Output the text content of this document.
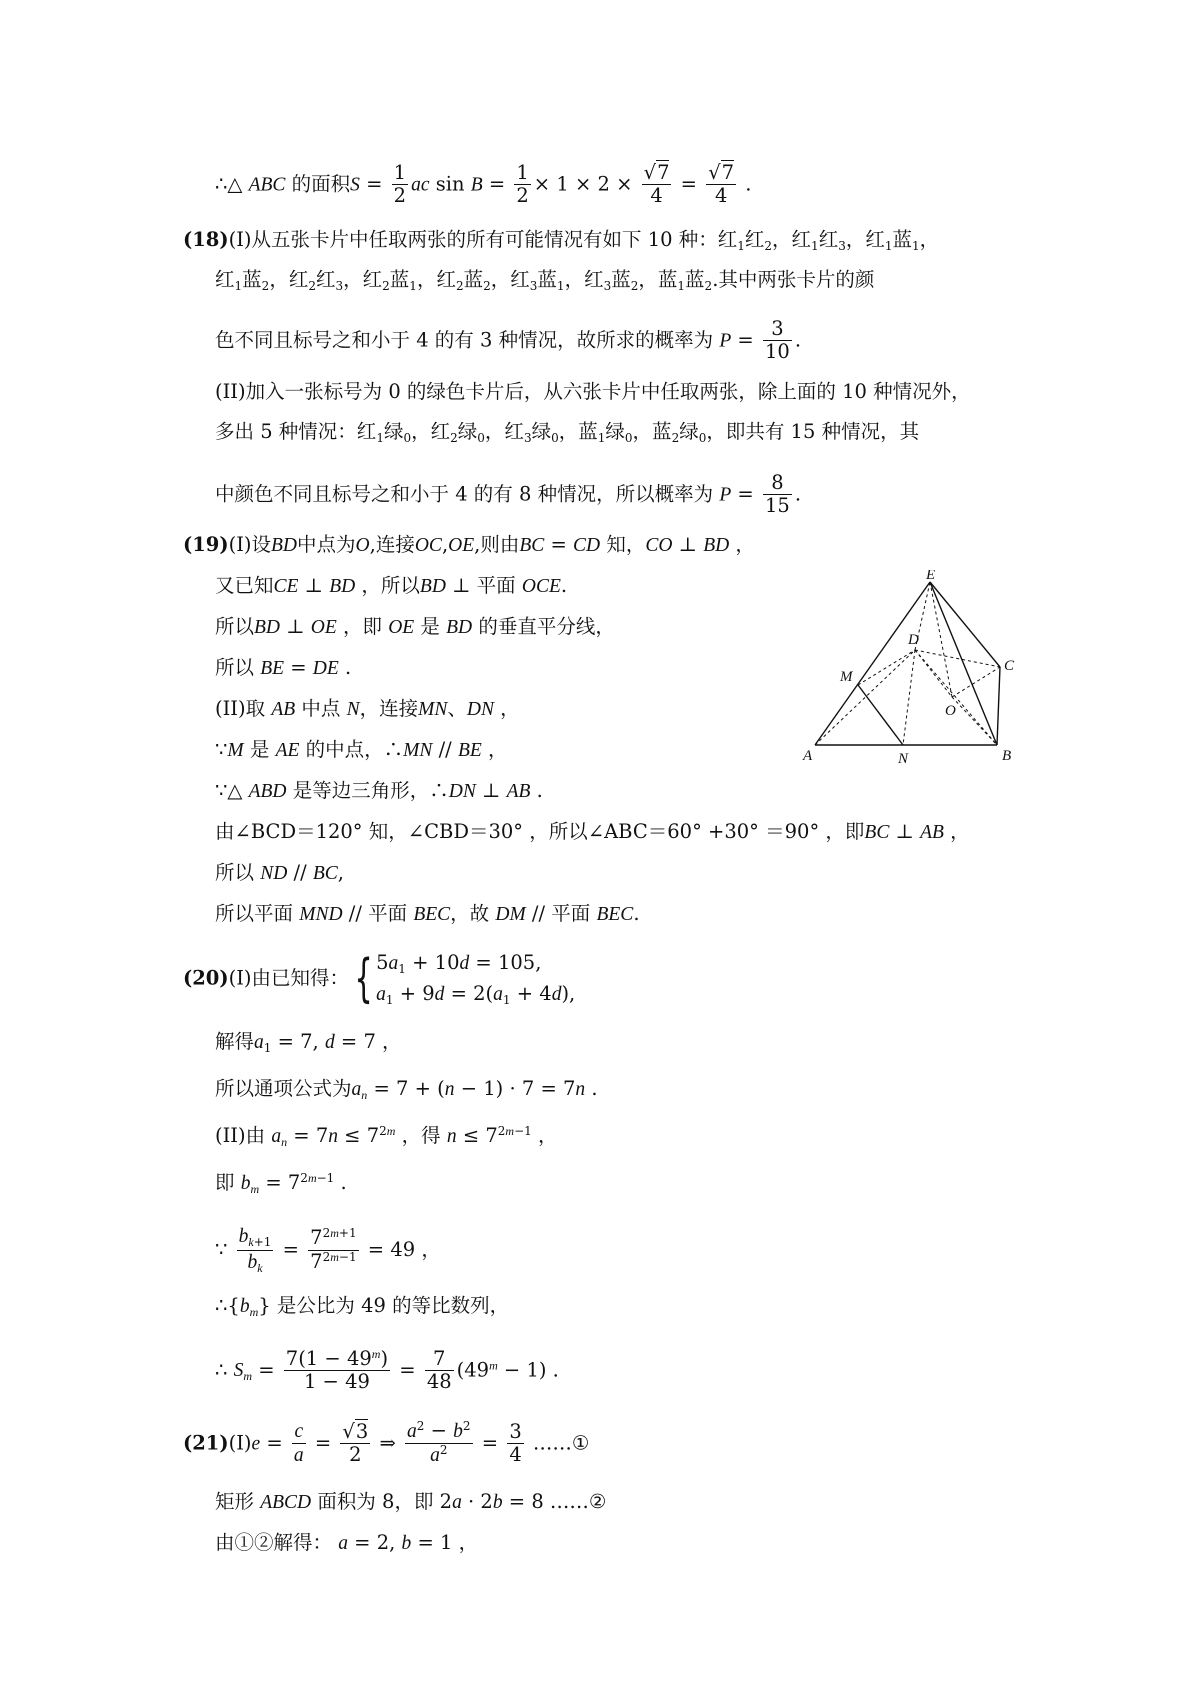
∴△ ABC 的面积$S = \frac{1}{2}$ ac $\sin B = \frac{1}{2} \times 1 \times 2 \times \frac{√7}{4} = \frac{√7}{4}$ .
(18)(I)从五张卡片中任取两张的所有可能情况有如下 10 种：红$_1$红$_2$，红$_1$红$_3$，红$_1$蓝$_1$，
红$_1$蓝$_2$，红$_2$红$_3$，红$_2$蓝$_1$，红$_2$蓝$_2$，红$_3$蓝$_1$，红$_3$蓝$_2$，蓝$_1$蓝$_2$.其中两张卡片的颜
色不同且标号之和小于 4 的有 3 种情况，故所求的概率为 $P = \frac{3}{10}$ .
(II)加入一张标号为 0 的绿色卡片后，从六张卡片中任取两张，除上面的 10 种情况外，
多出 5 种情况：红$_1$绿$_0$，红$_2$绿$_0$，红$_3$绿$_0$，蓝$_1$绿$_0$，蓝$_2$绿$_0$，即共有 15 种情况，其
中颜色不同且标号之和小于 4 的有 8 种情况，所以概率为 $P = \frac{8}{15}$ .
(19)(I)设BD中点为O,连接OC,OE,则由BC = CD 知，CO ⊥ BD ，
又已知CE ⊥ BD ，所以BD ⊥ 平面 OCE.
所以BD ⊥ OE ，即 OE 是 BD 的垂直平分线，
所以 BE = DE .
(II)取 AB 中点 N，连接MN、DN ，
∵M 是 AE 的中点，∴MN // BE ，
∵△ ABD 是等边三角形，∴DN ⊥ AB .
由∠BCD＝120° 知，∠CBD＝30° ，所以∠ABC＝60° +30° ＝90° ，即BC ⊥ AB ，
所以 ND // BC,
所以平面 MND // 平面 BEC，故 DM // 平面 BEC.
E
M
D
C
O
A	N	B
(20)(I)由已知得： { $5a_1 + 10d = 105$,
$a_1 + 9d = 2(a_1 + 4d)$,
解得$a_1 = 7$, d = 7 ，
所以通项公式为$a_n = 7 + (n - 1) \cdot 7 = 7n$ .
(II)由 $a_n = 7n \le 7^{2m}$ ，得 $n \le 7^{2m-1}$ ，
即 $b_m = 7^{2m-1}$ .
∵ $\frac{b_{k+1}}{b_k} = \frac{7^{2m+1}}{7^{2m-1}} = 49$ ，
$\therefore\{b_m\}$ 是公比为 49 的等比数列，
∴ $S_m = \frac{7(1 - 49^m)}{1 - 49} = \frac{7}{48} (49^m - 1)$ .
$(21)(I)e = \frac{c}{a} = \frac{√3}{2}$ ⇒ $\frac{a^2 - b^2}{a^2} = \frac{3}{4}$ ……①
矩形 ABCD 面积为 8，即 2a · 2b = 8 ……②
由①②解得： a = 2, b = 1 ，
